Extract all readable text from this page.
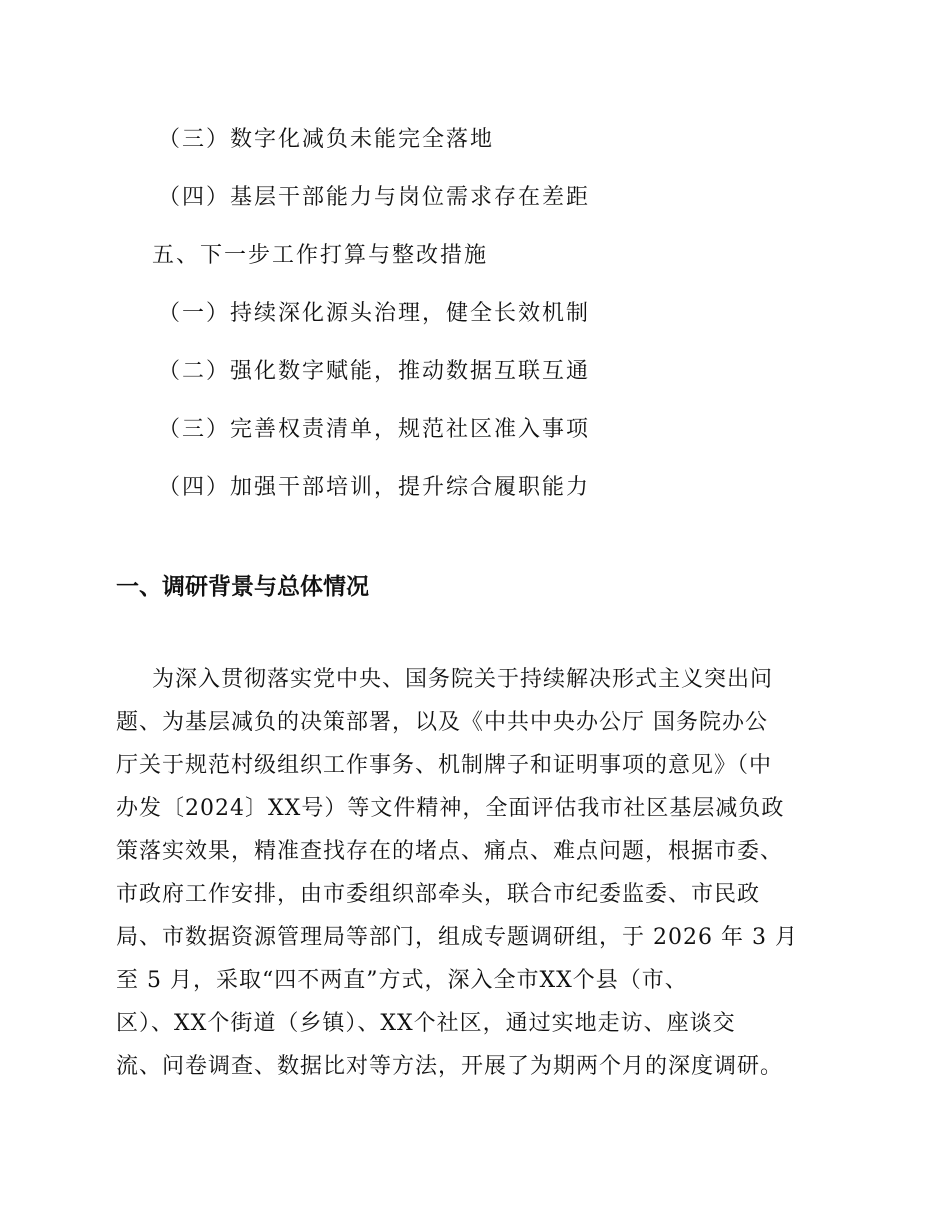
（三）数字化减负未能完全落地
（四）基层干部能力与岗位需求存在差距
五、下一步工作打算与整改措施
（一）持续深化源头治理，健全长效机制
（二）强化数字赋能，推动数据互联互通
（三）完善权责清单，规范社区准入事项
（四）加强干部培训，提升综合履职能力
一、调研背景与总体情况
为深入贯彻落实党中央、国务院关于持续解决形式主义突出问
题、为基层减负的决策部署，以及《中共中央办公厅 国务院办公
厅关于规范村级组织工作事务、机制牌子和证明事项的意见》（中
办发〔2024〕XX号）等文件精神，全面评估我市社区基层减负政
策落实效果，精准查找存在的堵点、痛点、难点问题，根据市委、
市政府工作安排，由市委组织部牵头，联合市纪委监委、市民政
局、市数据资源管理局等部门，组成专题调研组，于 2026 年 3 月
至 5 月，采取“四不两直”方式，深入全市XX个县（市、
区）、XX个街道（乡镇）、XX个社区，通过实地走访、座谈交
流、问卷调查、数据比对等方法，开展了为期两个月的深度调研。
